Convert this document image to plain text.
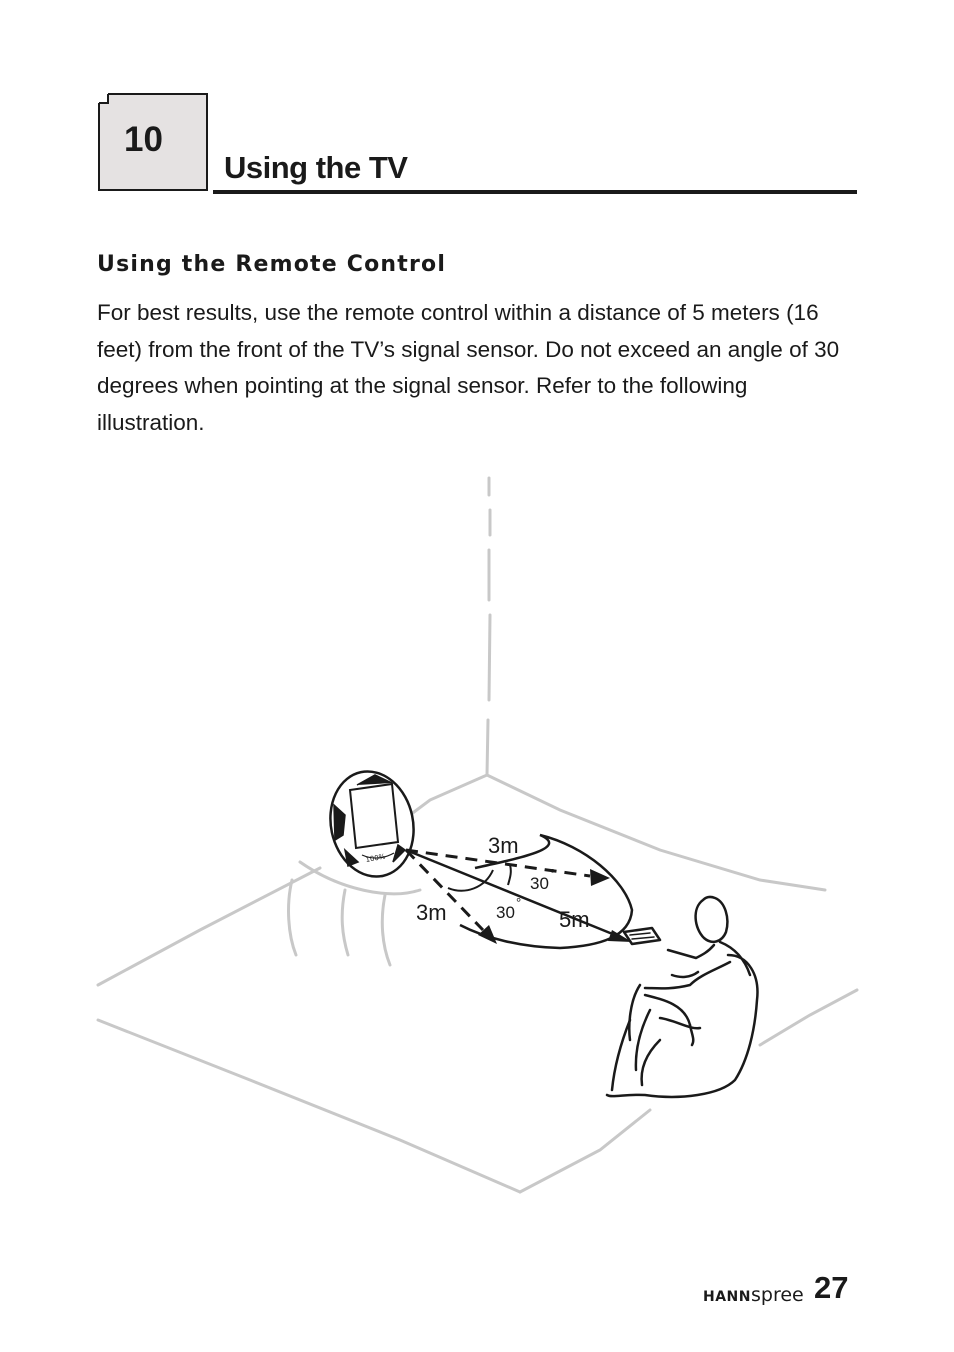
10
Using the TV
Using the Remote Control
For best results, use the remote control within a distance of 5 meters (16 feet) from the front of the TV’s signal sensor. Do not exceed an angle of 30 degrees when pointing at the signal sensor. Refer to the following illustration.
100%
3m
3m	5m
30
°
30
°
HANNspree 27
